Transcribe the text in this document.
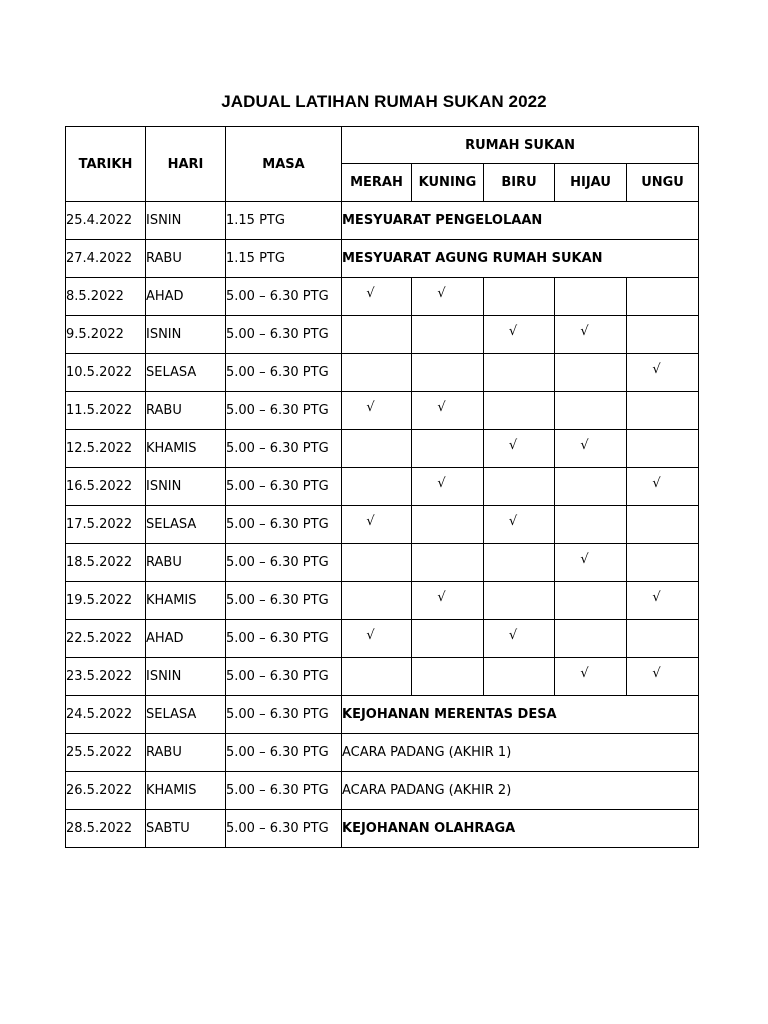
JADUAL LATIHAN RUMAH SUKAN 2022
TARIKH	HARI	MASA	RUMAH SUKAN				
			MERAH	KUNING	BIRU	HIJAU	UNGU
25.4.2022	ISNIN	1.15 PTG	MESYUARAT PENGELOLAAN				
27.4.2022	RABU	1.15 PTG	MESYUARAT AGUNG RUMAH SUKAN				
8.5.2022	AHAD	5.00 – 6.30 PTG	√	√			
9.5.2022	ISNIN	5.00 – 6.30 PTG			√	√	
10.5.2022	SELASA	5.00 – 6.30 PTG					√
11.5.2022	RABU	5.00 – 6.30 PTG	√	√			
12.5.2022	KHAMIS	5.00 – 6.30 PTG			√	√	
16.5.2022	ISNIN	5.00 – 6.30 PTG		√			√
17.5.2022	SELASA	5.00 – 6.30 PTG	√		√		
18.5.2022	RABU	5.00 – 6.30 PTG				√	
19.5.2022	KHAMIS	5.00 – 6.30 PTG		√			√
22.5.2022	AHAD	5.00 – 6.30 PTG	√		√		
23.5.2022	ISNIN	5.00 – 6.30 PTG				√	√
24.5.2022	SELASA	5.00 – 6.30 PTG	KEJOHANAN MERENTAS DESA				
25.5.2022	RABU	5.00 – 6.30 PTG	ACARA PADANG (AKHIR 1)				
26.5.2022	KHAMIS	5.00 – 6.30 PTG	ACARA PADANG (AKHIR 2)				
28.5.2022	SABTU	5.00 – 6.30 PTG	KEJOHANAN OLAHRAGA				
